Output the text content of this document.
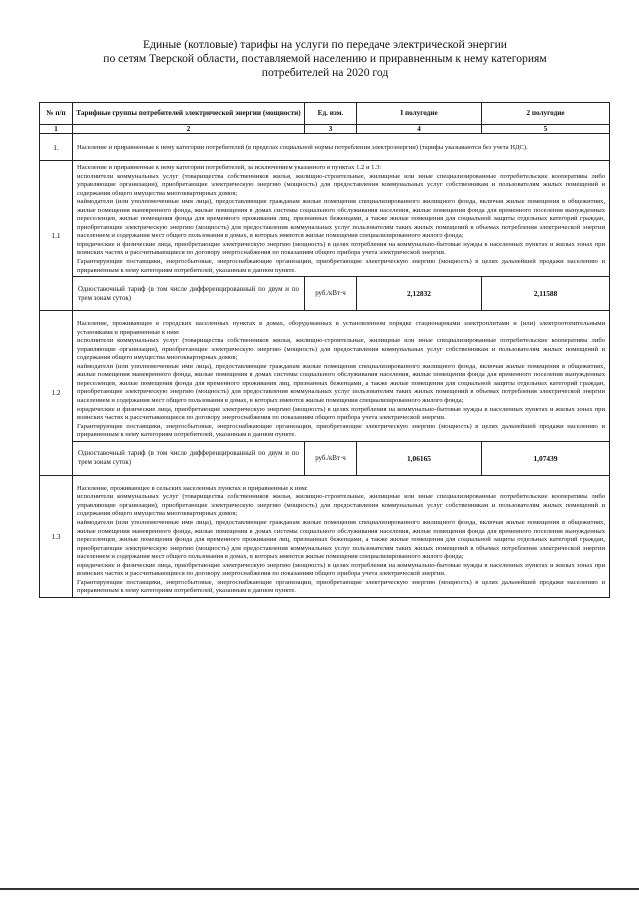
Единые (котловые) тарифы на услуги по передаче электрической энергии
по сетям Тверской области, поставляемой населению и приравненным к нему категориям
потребителей на 2020 год
№ п/п	Тарифные группы потребителей электрической энергии (мощности)	Ед. изм.	I полугодие	2 полугодие
1	2	3	4	5
1.	Население и приравненные к нему категории потребителей (в пределах социальной нормы потребления электроэнергии) (тарифы указываются без учета НДС).			
1.1	Население и приравненные к нему категории потребителей, за исключением указанного в пунктах 1.2 и 1.3:

исполнители коммунальных услуг (товарищества собственников жилья, жилищно-строительные, жилищные или иные специализированные потребительские кооперативы либо управляющие организации), приобретающие электрическую энергию (мощность) для предоставления коммунальных услуг собственникам и пользователям жилых помещений и содержания общего имущества многоквартирных домов;

наймодатели (или уполномоченные ими лица), предоставляющие гражданам жилые помещения специализированного жилищного фонда, включая жилые помещения в общежитиях, жилые помещения маневренного фонда, жилые помещения в домах системы социального обслуживания населения, жилые помещения фонда для временного поселения вынужденных переселенцев, жилые помещения фонда для временного проживания лиц, признанных беженцами, а также жилые помещения для социальной защиты отдельных категорий граждан, приобретающие электрическую энергию (мощность) для предоставления коммунальных услуг пользователям таких жилых помещений в объемах потребления электрической энергии населением и содержания мест общего пользования в домах, в которых имеются жилые помещения специализированного жилого фонда;

юридические и физические лица, приобретающие электрическую энергию (мощность) в целях потребления на коммунально-бытовые нужды в населенных пунктах и жилых зонах при воинских частях и рассчитывающиеся по договору энергоснабжения по показаниям общего прибора учета электрической энергии.

Гарантирующие поставщики, энергосбытовые, энергоснабжающие организации, приобретающие электрическую энергию (мощность) в целях дальнейшей продажи населению и приравненным к нему категориям потребителей, указанным в данном пункте.			

	Одноставочный тариф (в том числе дифференцированный по двум и по трем зонам суток)	руб./кВт·ч	2,12832	2,11588
1.2	Население, проживающее в городских населенных пунктах в домах, оборудованных в установленном порядке стационарными электроплитами и (или) электроотопительными установками и приравненные к ним:

исполнители коммунальных услуг (товарищества собственников жилья, жилищно-строительные, жилищные или иные специализированные потребительские кооперативы либо управляющие организации), приобретающие электрическую энергию (мощность) для предоставления коммунальных услуг собственникам и пользователям жилых помещений и содержания общего имущества многоквартирных домов;

наймодатели (или уполномоченные ими лица), предоставляющие гражданам жилые помещения специализированного жилищного фонда, включая жилые помещения в общежитиях, жилые помещения маневренного фонда, жилые помещения в домах системы социального обслуживания населения, жилые помещения фонда для временного поселения вынужденных переселенцев, жилые помещения фонда для временного проживания лиц, признанных беженцами, а также жилые помещения для социальной защиты отдельных категорий граждан, приобретающие электрическую энергию (мощность) для предоставления коммунальных услуг пользователям таких жилых помещений в объемах потребления электрической энергии населением и содержания мест общего пользования в домах, в которых имеются жилые помещения специализированного жилого фонда;

юридические и физические лица, приобретающие электрическую энергию (мощность) в целях потребления на коммунально-бытовые нужды в населенных пунктах и жилых зонах при воинских частях и рассчитывающиеся по договору энергоснабжения по показаниям общего прибора учета электрической энергии.

Гарантирующие поставщики, энергосбытовые, энергоснабжающие организации, приобретающие электрическую энергию (мощность) в целях дальнейшей продажи населению и приравненным к нему категориям потребителей, указанным в данном пункте.			

	Одноставочный тариф (в том числе дифференцированный по двум и по трем зонам суток)	руб./кВт·ч	1,06165	1,07439
1.3	Население, проживающее в сельских населенных пунктах и приравненные к ним:

исполнители коммунальных услуг (товарищества собственников жилья, жилищно-строительные, жилищные или иные специализированные потребительские кооперативы либо управляющие организации), приобретающие электрическую энергию (мощность) для предоставления коммунальных услуг собственникам и пользователям жилых помещений и содержания общего имущества многоквартирных домов;

наймодатели (или уполномоченные ими лица), предоставляющие гражданам жилые помещения специализированного жилищного фонда, включая жилые помещения в общежитиях, жилые помещения маневренного фонда, жилые помещения в домах системы социального обслуживания населения, жилые помещения фонда для временного поселения вынужденных переселенцев, жилые помещения фонда для временного проживания лиц, признанных беженцами, а также жилые помещения для социальной защиты отдельных категорий граждан, приобретающие электрическую энергию (мощность) для предоставления коммунальных услуг пользователям таких жилых помещений в объемах потребления электрической энергии населением и содержания мест общего пользования в домах, в которых имеются жилые помещения специализированного жилого фонда;

юридические и физические лица, приобретающие электрическую энергию (мощность) в целях потребления на коммунально-бытовые нужды в населенных пунктах и жилых зонах при воинских частях и рассчитывающиеся по договору энергоснабжения по показаниям общего прибора учета электрической энергии.

Гарантирующие поставщики, энергосбытовые, энергоснабжающие организации, приобретающие электрическую энергию (мощность) в целях дальнейшей продажи населению и приравненным к нему категориям потребителей, указанным в данном пункте.			
